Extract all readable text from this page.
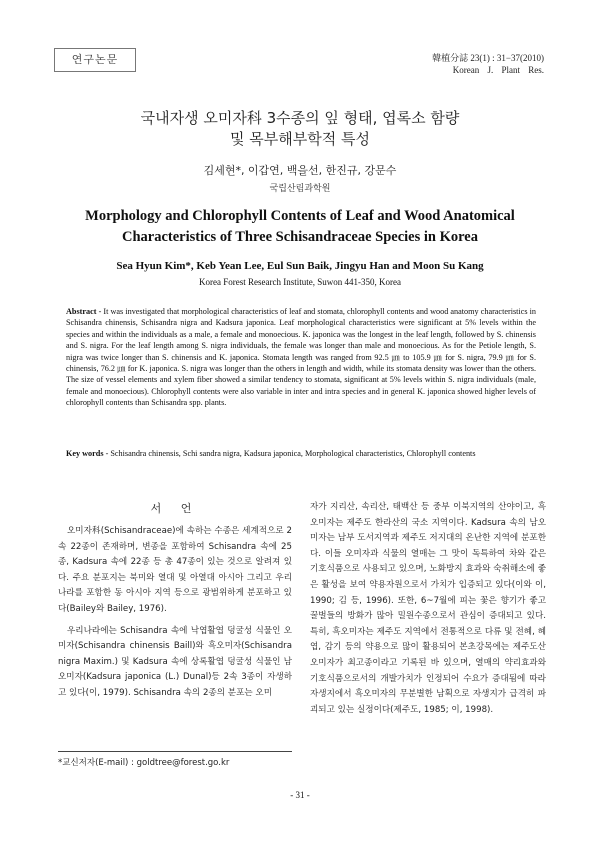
연구논문	韓植分誌 23(1) : 31−37(2010)
Korean J. Plant Res.
국내자생 오미자科 3수종의 잎 형태, 엽록소 함량
및 목부해부학적 특성
김세현*, 이갑연, 백을선, 한진규, 강문수
국립산림과학원
Morphology and Chlorophyll Contents of Leaf and Wood Anatomical
Characteristics of Three Schisandraceae Species in Korea
Sea Hyun Kim*, Keb Yean Lee, Eul Sun Baik, Jingyu Han and Moon Su Kang
Korea Forest Research Institute, Suwon 441-350, Korea
Abstract - It was investigated that morphological characteristics of leaf and stomata, chlorophyll contents and wood anatomy characteristics in Schisandra chinensis, Schisandra nigra and Kadsura japonica. Leaf morphological characteristics were significant at 5% levels within the species and within the individuals as a male, a female and monoecious. K. japonica was the longest in the leaf length, followed by S. chinensis and S. nigra. For the leaf length among S. nigra individuals, the female was longer than male and monoecious. As for the Petiole length, S. nigra was twice longer than S. chinensis and K. japonica. Stomata length was ranged from 92.5 ㎛ to 105.9 ㎛ for S. nigra, 79.9 ㎛ for S. chinensis, 76.2 ㎛ for K. japonica. S. nigra was longer than the others in length and width, while its stomata density was lower than the others. The size of vessel elements and xylem fiber showed a similar tendency to stomata, significant at 5% levels within S. nigra individuals (male, female and monoecious). Chlorophyll contents were also variable in inter and intra species and in general K. japonica showed higher levels of chlorophyll contents than Schisandra spp. plants.
Key words - Schisandra chinensis, Schi sandra nigra, Kadsura japonica, Morphological characteristics, Chlorophyll contents
서 언

오미자科(Schisandraceae)에 속하는 수종은 세계적으로 2속 22종이 존재하며, 변종을 포함하여 Schisandra 속에 25종, Kadsura 속에 22종 등 총 47종이 있는 것으로 알려져 있다. 주요 분포지는 북미와 열대 및 아열대 아시아 그리고 우리나라를 포함한 동 아시아 지역 등으로 광범위하게 분포하고 있다(Bailey와 Bailey, 1976).

우리나라에는 Schisandra 속에 낙엽활엽 덩굴성 식물인 오미자(Schisandra chinensis Baill)와 흑오미자(Schisandra nigra Maxim.) 및 Kadsura 속에 상록활엽 덩굴성 식물인 남오미자(Kadsura japonica (L.) Dunal)등 2속 3종이 자생하고 있다(이, 1979). Schisandra 속의 2종의 분포는 오미

자가 지리산, 속리산, 태백산 등 중부 이북지역의 산야이고, 흑오미자는 제주도 한라산의 국소 지역이다. Kadsura 속의 남오미자는 남부 도서지역과 제주도 저지대의 온난한 지역에 분포한다. 이들 오미자과 식물의 열매는 그 맛이 독특하여 차와 같은 기호식품으로 사용되고 있으며, 노화방지 효과와 숙취해소에 좋은 활성을 보여 약용자원으로서 가치가 입증되고 있다(이와 이, 1990; 김 등, 1996). 또한, 6~7월에 피는 꽃은 향기가 좋고 꿀벌들의 방화가 많아 밀원수종으로서 관심이 증대되고 있다. 특히, 흑오미자는 제주도 지역에서 전통적으로 다류 및 전혜, 혜엽, 감기 등의 약용으로 많이 활용되어 본초강목에는 제주도산 오미자가 최고종이라고 기록된 바 있으며, 열매의 약리효과와 기호식품으로서의 개발가치가 인정되어 수요가 증대됨에 따라 자생지에서 흑오미자의 무분별한 남획으로 자생지가 급격히 파괴되고 있는 실정이다(제주도, 1985; 이, 1998).

*교신저자(E-mail) : goldtree@forest.go.kr
- 31 -
